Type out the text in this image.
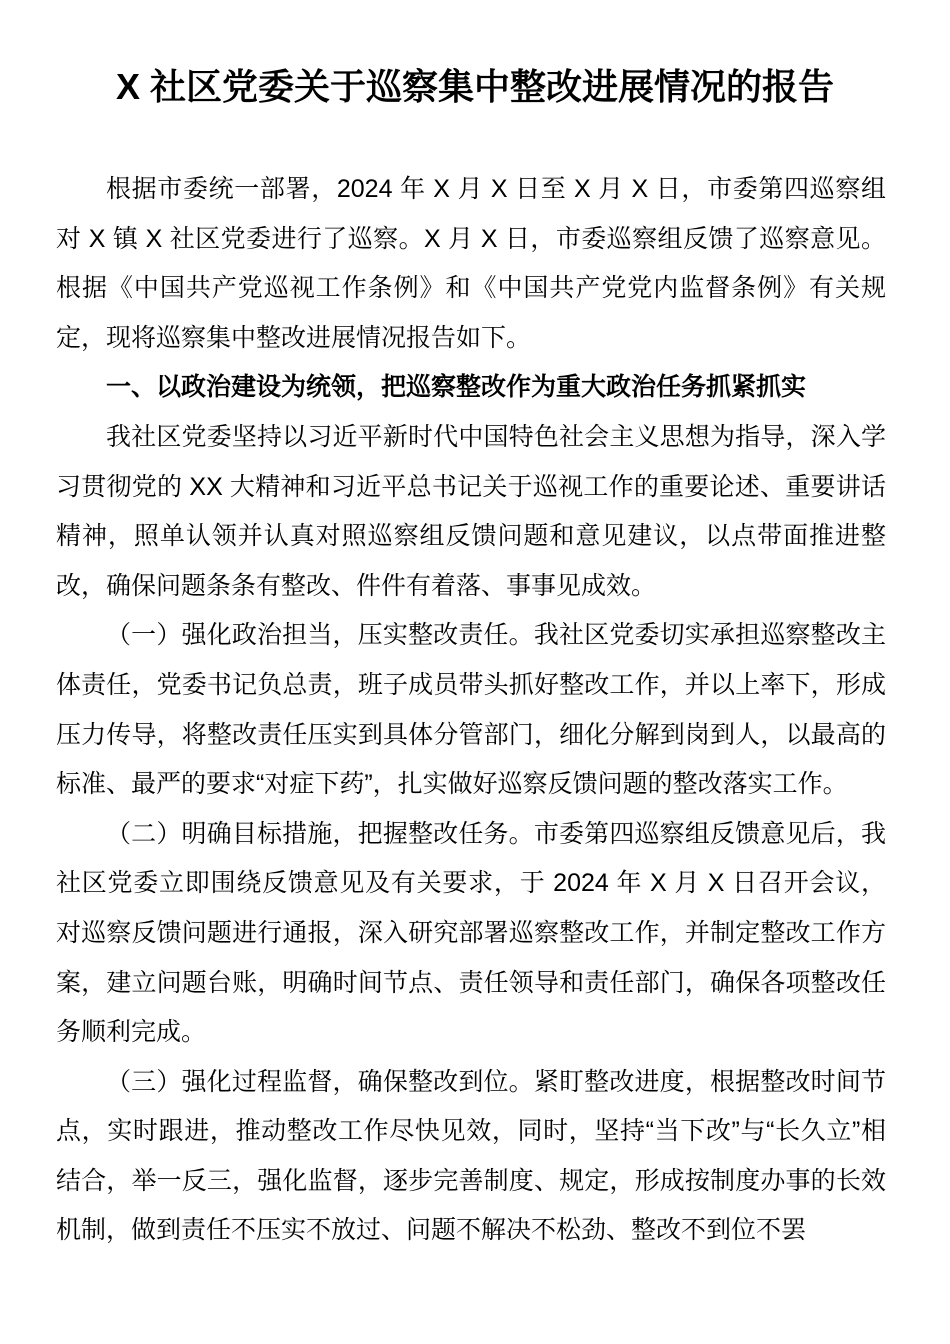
X 社区党委关于巡察集中整改进展情况的报告

根据市委统一部署，2024 年 X 月 X 日至 X 月 X 日，市委第四巡察组对 X 镇 X 社区党委进行了巡察。X 月 X 日，市委巡察组反馈了巡察意见。根据《中国共产党巡视工作条例》和《中国共产党党内监督条例》有关规定，现将巡察集中整改进展情况报告如下。

一、以政治建设为统领，把巡察整改作为重大政治任务抓紧抓实

我社区党委坚持以习近平新时代中国特色社会主义思想为指导，深入学习贯彻党的 XX 大精神和习近平总书记关于巡视工作的重要论述、重要讲话精神，照单认领并认真对照巡察组反馈问题和意见建议，以点带面推进整改，确保问题条条有整改、件件有着落、事事见成效。

（一）强化政治担当，压实整改责任。我社区党委切实承担巡察整改主体责任，党委书记负总责，班子成员带头抓好整改工作，并以上率下，形成压力传导，将整改责任压实到具体分管部门，细化分解到岗到人，以最高的标准、最严的要求“对症下药”，扎实做好巡察反馈问题的整改落实工作。

（二）明确目标措施，把握整改任务。市委第四巡察组反馈意见后，我社区党委立即围绕反馈意见及有关要求，于 2024 年 X 月 X 日召开会议，对巡察反馈问题进行通报，深入研究部署巡察整改工作，并制定整改工作方案，建立问题台账，明确时间节点、责任领导和责任部门，确保各项整改任务顺利完成。

（三）强化过程监督，确保整改到位。紧盯整改进度，根据整改时间节点，实时跟进，推动整改工作尽快见效，同时，坚持“当下改”与“长久立”相结合，举一反三，强化监督，逐步完善制度、规定，形成按制度办事的长效机制，做到责任不压实不放过、问题不解决不松劲、整改不到位不罢
